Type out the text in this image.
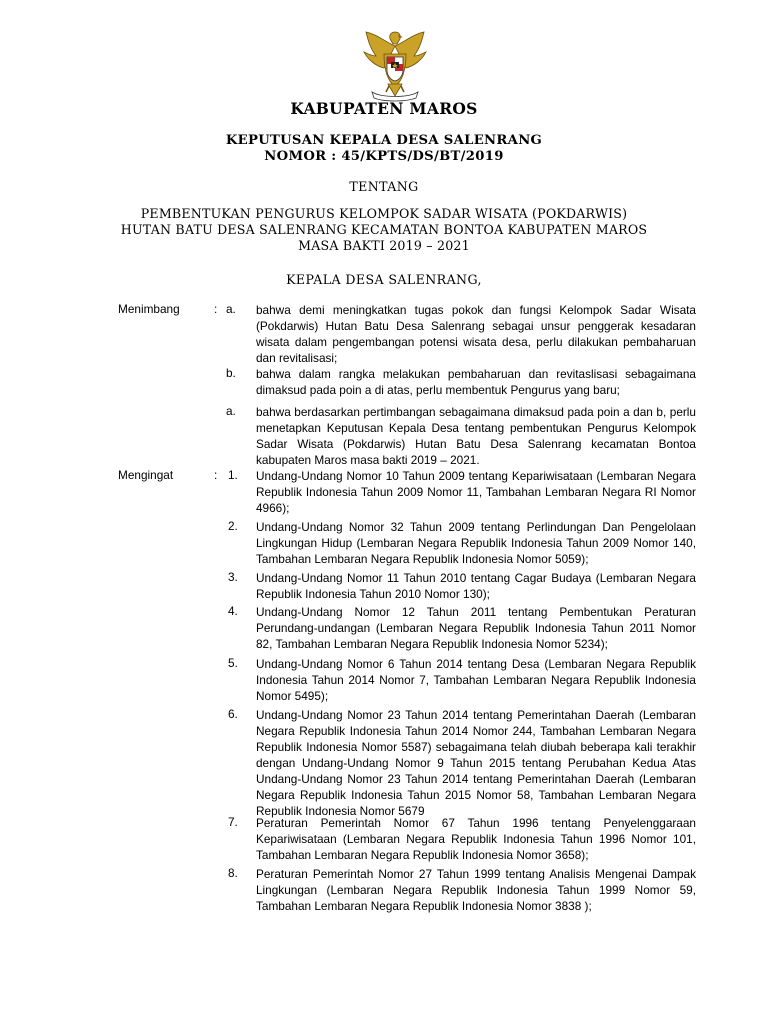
KABUPATEN MAROS
KEPUTUSAN KEPALA DESA SALENRANG
NOMOR : 45/KPTS/DS/BT/2019
TENTANG
PEMBENTUKAN PENGURUS KELOMPOK SADAR WISATA (POKDARWIS)
HUTAN BATU DESA SALENRANG KECAMATAN BONTOA KABUPATEN MAROS
MASA BAKTI 2019 – 2021
KEPALA DESA SALENRANG,
Menimbang	: a. bahwa demi meningkatkan tugas pokok dan fungsi Kelompok Sadar Wisata (Pokdarwis) Hutan Batu Desa Salenrang sebagai unsur penggerak kesadaran wisata dalam pengembangan potensi wisata desa, perlu dilakukan pembaharuan dan revitalisasi;
b. bahwa dalam rangka melakukan pembaharuan dan revitaslisasi sebagaimana dimaksud pada poin a di atas, perlu membentuk Pengurus yang baru;
a. bahwa berdasarkan pertimbangan sebagaimana dimaksud pada poin a dan b, perlu menetapkan Keputusan Kepala Desa tentang pembentukan Pengurus Kelompok Sadar Wisata (Pokdarwis) Hutan Batu Desa Salenrang kecamatan Bontoa kabupaten Maros masa bakti 2019 – 2021.
Mengingat	: 1. Undang-Undang Nomor 10 Tahun 2009 tentang Kepariwisataan (Lembaran Negara Republik Indonesia Tahun 2009 Nomor 11, Tambahan Lembaran Negara RI Nomor 4966);
2. Undang-Undang Nomor 32 Tahun 2009 tentang Perlindungan Dan Pengelolaan Lingkungan Hidup (Lembaran Negara Republik Indonesia Tahun 2009 Nomor 140, Tambahan Lembaran Negara Republik Indonesia Nomor 5059);
3. Undang-Undang Nomor 11 Tahun 2010 tentang Cagar Budaya (Lembaran Negara Republik Indonesia Tahun 2010 Nomor 130);
4. Undang-Undang Nomor 12 Tahun 2011 tentang Pembentukan Peraturan Perundang-undangan (Lembaran Negara Republik Indonesia Tahun 2011 Nomor 82, Tambahan Lembaran Negara Republik Indonesia Nomor 5234);
5. Undang-Undang Nomor 6 Tahun 2014 tentang Desa (Lembaran Negara Republik Indonesia Tahun 2014 Nomor 7, Tambahan Lembaran Negara Republik Indonesia Nomor 5495);
6. Undang-Undang Nomor 23 Tahun 2014 tentang Pemerintahan Daerah (Lembaran Negara Republik Indonesia Tahun 2014 Nomor 244, Tambahan Lembaran Negara Republik Indonesia Nomor 5587) sebagaimana telah diubah beberapa kali terakhir dengan Undang-Undang Nomor 9 Tahun 2015 tentang Perubahan Kedua Atas Undang-Undang Nomor 23 Tahun 2014 tentang Pemerintahan Daerah (Lembaran Negara Republik Indonesia Tahun 2015 Nomor 58, Tambahan Lembaran Negara Republik Indonesia Nomor 5679
7. Peraturan Pemerintah Nomor 67 Tahun 1996 tentang Penyelenggaraan Kepariwisataan (Lembaran Negara Republik Indonesia Tahun 1996 Nomor 101, Tambahan Lembaran Negara Republik Indonesia Nomor 3658);
8. Peraturan Pemerintah Nomor 27 Tahun 1999 tentang Analisis Mengenai Dampak Lingkungan (Lembaran Negara Republik Indonesia Tahun 1999 Nomor 59, Tambahan Lembaran Negara Republik Indonesia Nomor 3838 );
